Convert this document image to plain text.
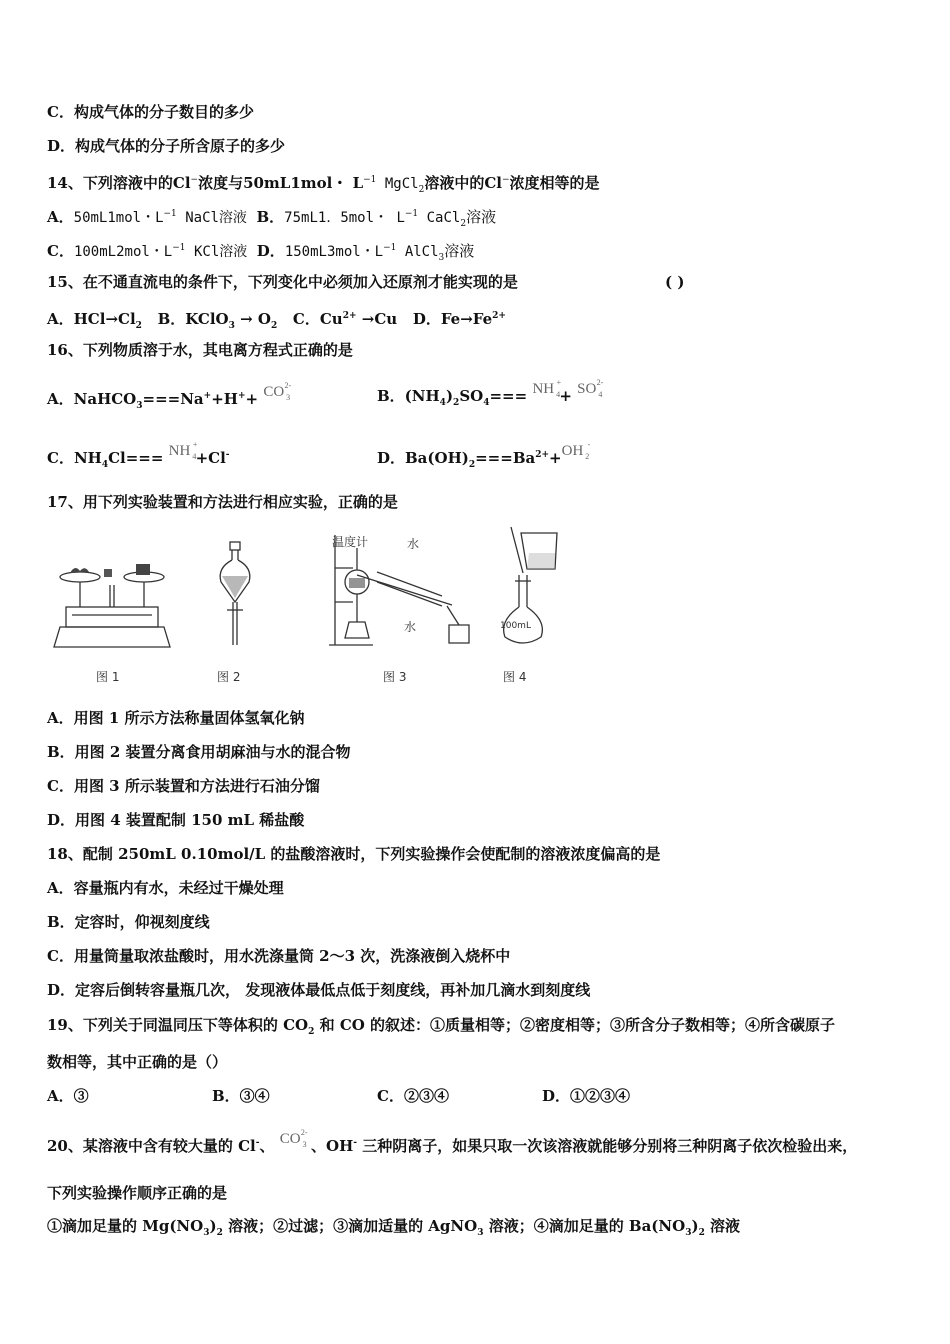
C．构成气体的分子数目的多少
D．构成气体的分子所含原子的多少
14、下列溶液中的Cl−浓度与50mL1mol・ $L^{-1}$ MgCl$_2$溶液中的Cl−浓度相等的是
A．50mL1mol・$L^{-1}$ NaCl溶液 B．75mL1．5mol・ $L^{-1}$ CaCl$_2$溶液
C．100mL2mol・$L^{-1}$ KCl溶液 D．150mL3mol・$L^{-1}$ AlCl$_3$溶液
15、在不通直流电的条件下，下列变化中必须加入还原剂才能实现的是	( )
A．$HCl\to Cl_2$ B．KClO$_3$ → $O_2$ C．$Cu^{2+} \to Cu$ D．$Fe\to Fe^{2+}$
16、下列物质溶于水，其电离方程式正确的是
A．NaHCO$_3$===Na++H++ CO 2-
3	B．$(NH_4)_2SO_4===$ NH +
4 + SO 2-
4
C．$NH_4Cl===$ NH +
4 +Cl-	D．$Ba(OH)_2===Ba^{2+}+OH$ -
2
17、用下列实验装置和方法进行相应实验，正确的是
图 1	图 2
温度计	水
水
图 3
100mL
图 4
A．用图 1 所示方法称量固体氢氧化钠
B．用图 2 装置分离食用胡麻油与水的混合物
C．用图 3 所示装置和方法进行石油分馏
D．用图 4 装置配制 150 mL 稀盐酸
18、配制 250mL 0.10mol/L 的盐酸溶液时，下列实验操作会使配制的溶液浓度偏高的是
A．容量瓶内有水，未经过干燥处理
B．定容时，仰视刻度线
C．用量筒量取浓盐酸时，用水洗涤量筒 2～3 次，洗涤液倒入烧杯中
D．定容后倒转容量瓶几次， 发现液体最低点低于刻度线，再补加几滴水到刻度线
19、下列关于同温同压下等体积的 $CO_2$ 和 CO 的叙述：①质量相等；②密度相等；③所含分子数相等；④所含碳原子
数相等，其中正确的是（）
A．③	B．③④	C．②③④	D．①②③④
20、某溶液中含有较大量的 Cl-、 CO 2-
3 、OH- 三种阴离子，如果只取一次该溶液就能够分别将三种阴离子依次检验出来，
下列实验操作顺序正确的是
①滴加足量的 $Mg(NO_3)_2$ 溶液；②过滤；③滴加适量的 AgNO$_3$ 溶液；④滴加足量的 $Ba(NO_3)_2$ 溶液
